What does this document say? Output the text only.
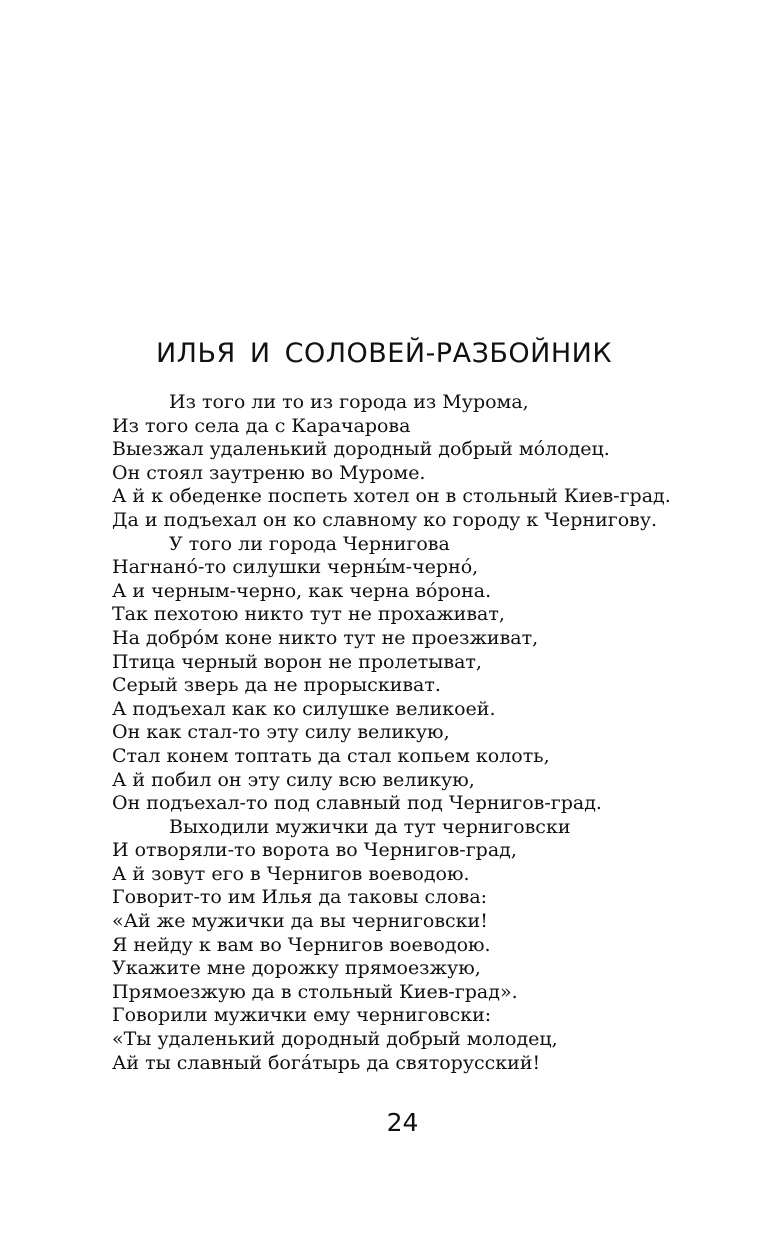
ИЛЬЯ И СОЛОВЕЙ-РАЗБОЙНИК
Из того ли то из города из Мурома,
Из того села да с Карачарова
Выезжал удаленький дородный добрый мо́лодец.
Он стоял заутреню во Муроме.
А й к обеденке поспеть хотел он в стольный Киев-град.
Да и подъехал он ко славному ко городу к Чернигову.
У того ли города Чернигова
Нагнано́-то силушки черны́м-черно́,
А и черным-черно, как черна во́рона.
Так пехотою никто тут не прохаживат,
На добро́м коне никто тут не проезживат,
Птица черный ворон не пролетыват,
Серый зверь да не прорыскиват.
А подъехал как ко силушке великоей.
Он как стал-то эту силу великую,
Стал конем топтать да стал копьем колоть,
А й побил он эту силу всю великую,
Он подъехал-то под славный под Чернигов-град.
Выходили мужички да тут черниговски
И отворяли-то ворота во Чернигов-град,
А й зовут его в Чернигов воеводою.
Говорит-то им Илья да таковы слова:
«Ай же мужички да вы черниговски!
Я нейду к вам во Чернигов воеводою.
Укажите мне дорожку прямоезжую,
Прямоезжую да в стольный Киев-град».
Говорили мужички ему черниговски:
«Ты удаленький дородный добрый молодец,
Ай ты славный бога́тырь да святорусский!
24
